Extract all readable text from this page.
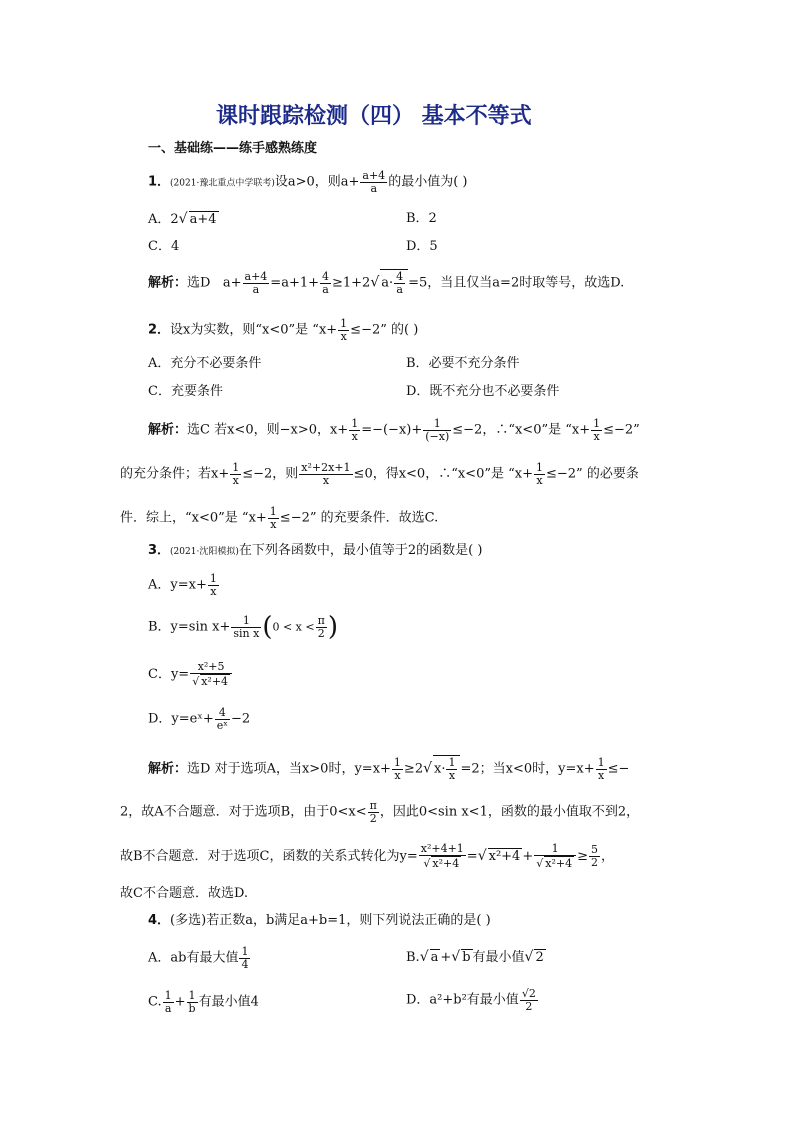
课时跟踪检测（四） 基本不等式
一、基础练——练手感熟练度
1．(2021·豫北重点中学联考)设a>0，则$a+ \frac{a+4}{a}$ 的最小值为( )
A．2√ a+4	B．2
C．4	D．5
解析：选D $a+ \frac{a+4}{a} =a+1+ \frac{4}{a} \ge 1+2√$ $a\cdot \frac{4}{a} =5$，当且仅当a=2时取等号，故选D.
2．设x为实数，则“x<0”是 “$x+ \frac{1}{x} \le-2$” 的( )
A．充分不必要条件	B．必要不充分条件
C．充要条件	D．既不充分也不必要条件
解析：选C 若x<0，则−x>0，$x+ \frac{1}{x} =-(-x)+ \frac{1}{(-x)} \le-2$，∴“x<0”是 “$x+ \frac{1}{x} \le-2$”
的充分条件；若$x+ \frac{1}{x} \le-2$，则 $\frac{\text{x²+2x+1}}{x} \le 0$，得x<0，∴“x<0”是 “$x+ \frac{1}{x} \le-2$” 的必要条
件．综上，“x<0”是 “$x+ \frac{1}{x} \le-2$” 的充要条件．故选C.
3．(2021·沈阳模拟)在下列各函数中，最小值等于2的函数是( )
A．$y=x+ \frac{1}{x}$
B．y=sin $x+ \frac{1}{\text{sin x}} (0 < x < \frac{\pi}{2}$ )
C．$y= \frac{\text{x²+5}}{\text{√ x²+4}}$
D．y=eˣ+ $\frac{4}{\text{eˣ}} -2$
解析：选D 对于选项A，当x>0时，$y=x+ \frac{1}{x} \ge 2√$ $x\cdot \frac{1}{x} =2$；当x<0时，$y=x+ \frac{1}{x}$ ≤−
2，故A不合题意．对于选项B，由于$0<x< \frac{\pi}{2}$ ，因此0<sin x<1，函数的最小值取不到2，
故B不合题意．对于选项C，函数的关系式转化为$y= \frac{\text{x²+4+1}}{\text{√ x²+4}}$ =√ $x^2+4 + \frac{1}{\text{√ x²+4}} \ge \frac{5}{2}$ ，
故C不合题意．故选D.
4．(多选)若正数a，b满足a+b=1，则下列说法正确的是( )
A．ab有最大值 $\frac{1}{4}$	B.√ a +√ b 有最小值√ 2
C. $\frac{1}{a} + \frac{1}{b}$ 有最小值4	D．a²+b²有最小值 $\frac{√2}{2}$
